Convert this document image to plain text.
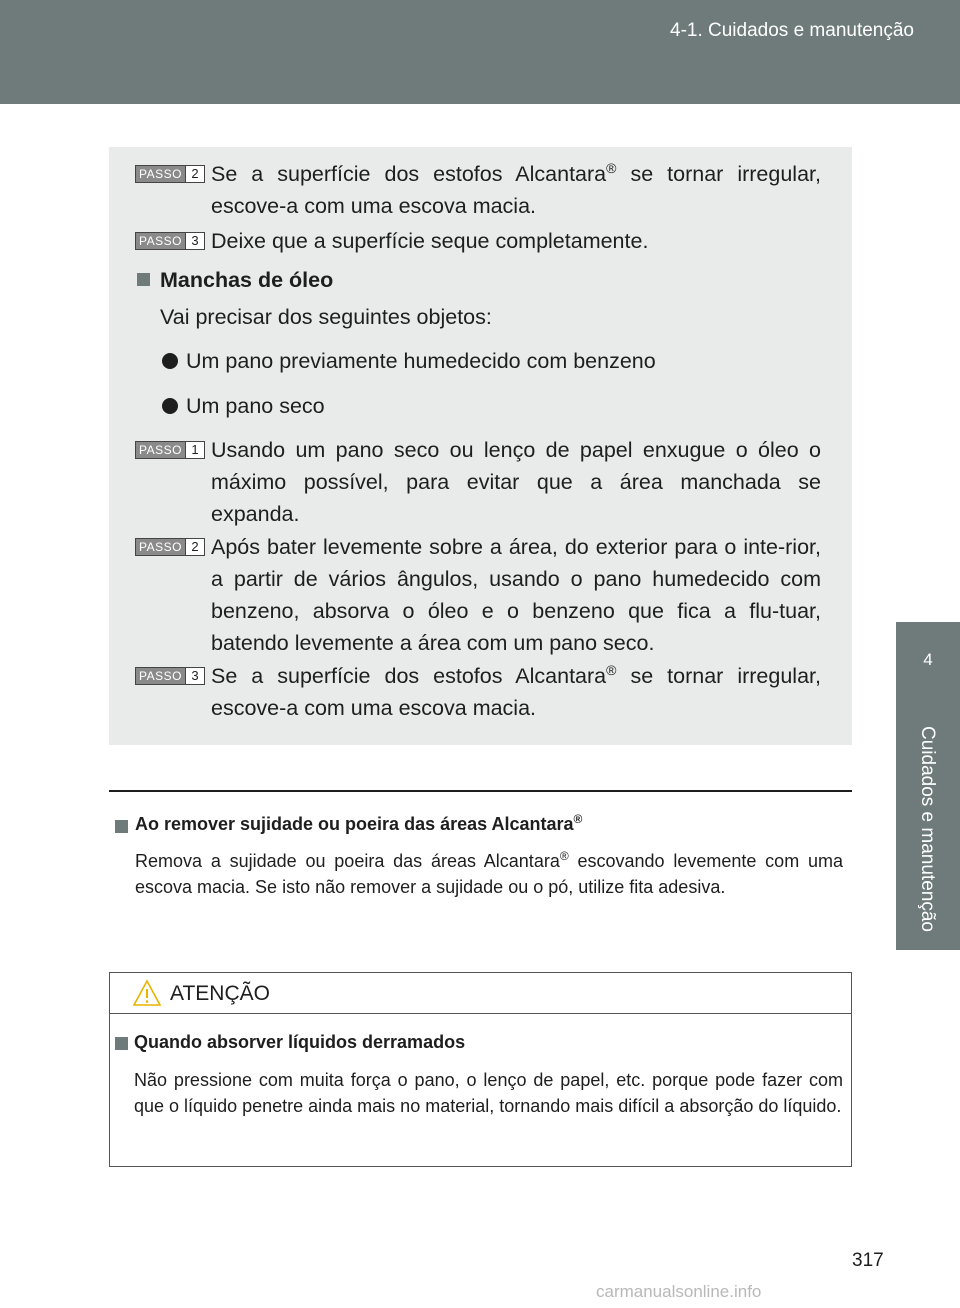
4-1. Cuidados e manutenção
4
Cuidados e manutenção
PASSO 2 Se a superfície dos estofos Alcantara® se tornar irregular, escove-a com uma escova macia.
PASSO 3 Deixe que a superfície seque completamente.
Manchas de óleo
Vai precisar dos seguintes objetos:
Um pano previamente humedecido com benzeno
Um pano seco
PASSO 1 Usando um pano seco ou lenço de papel enxugue o óleo o máximo possível, para evitar que a área manchada se expanda.
PASSO 2 Após bater levemente sobre a área, do exterior para o inte-rior, a partir de vários ângulos, usando o pano humedecido com benzeno, absorva o óleo e o benzeno que fica a flu-tuar, batendo levemente a área com um pano seco.
PASSO 3 Se a superfície dos estofos Alcantara® se tornar irregular, escove-a com uma escova macia.
Ao remover sujidade ou poeira das áreas Alcantara®
Remova a sujidade ou poeira das áreas Alcantara® escovando levemente com uma escova macia. Se isto não remover a sujidade ou o pó, utilize fita adesiva.
ATENÇÃO
Quando absorver líquidos derramados
Não pressione com muita força o pano, o lenço de papel, etc. porque pode fazer com que o líquido penetre ainda mais no material, tornando mais difícil a absorção do líquido.
317
carmanualsonline.info
